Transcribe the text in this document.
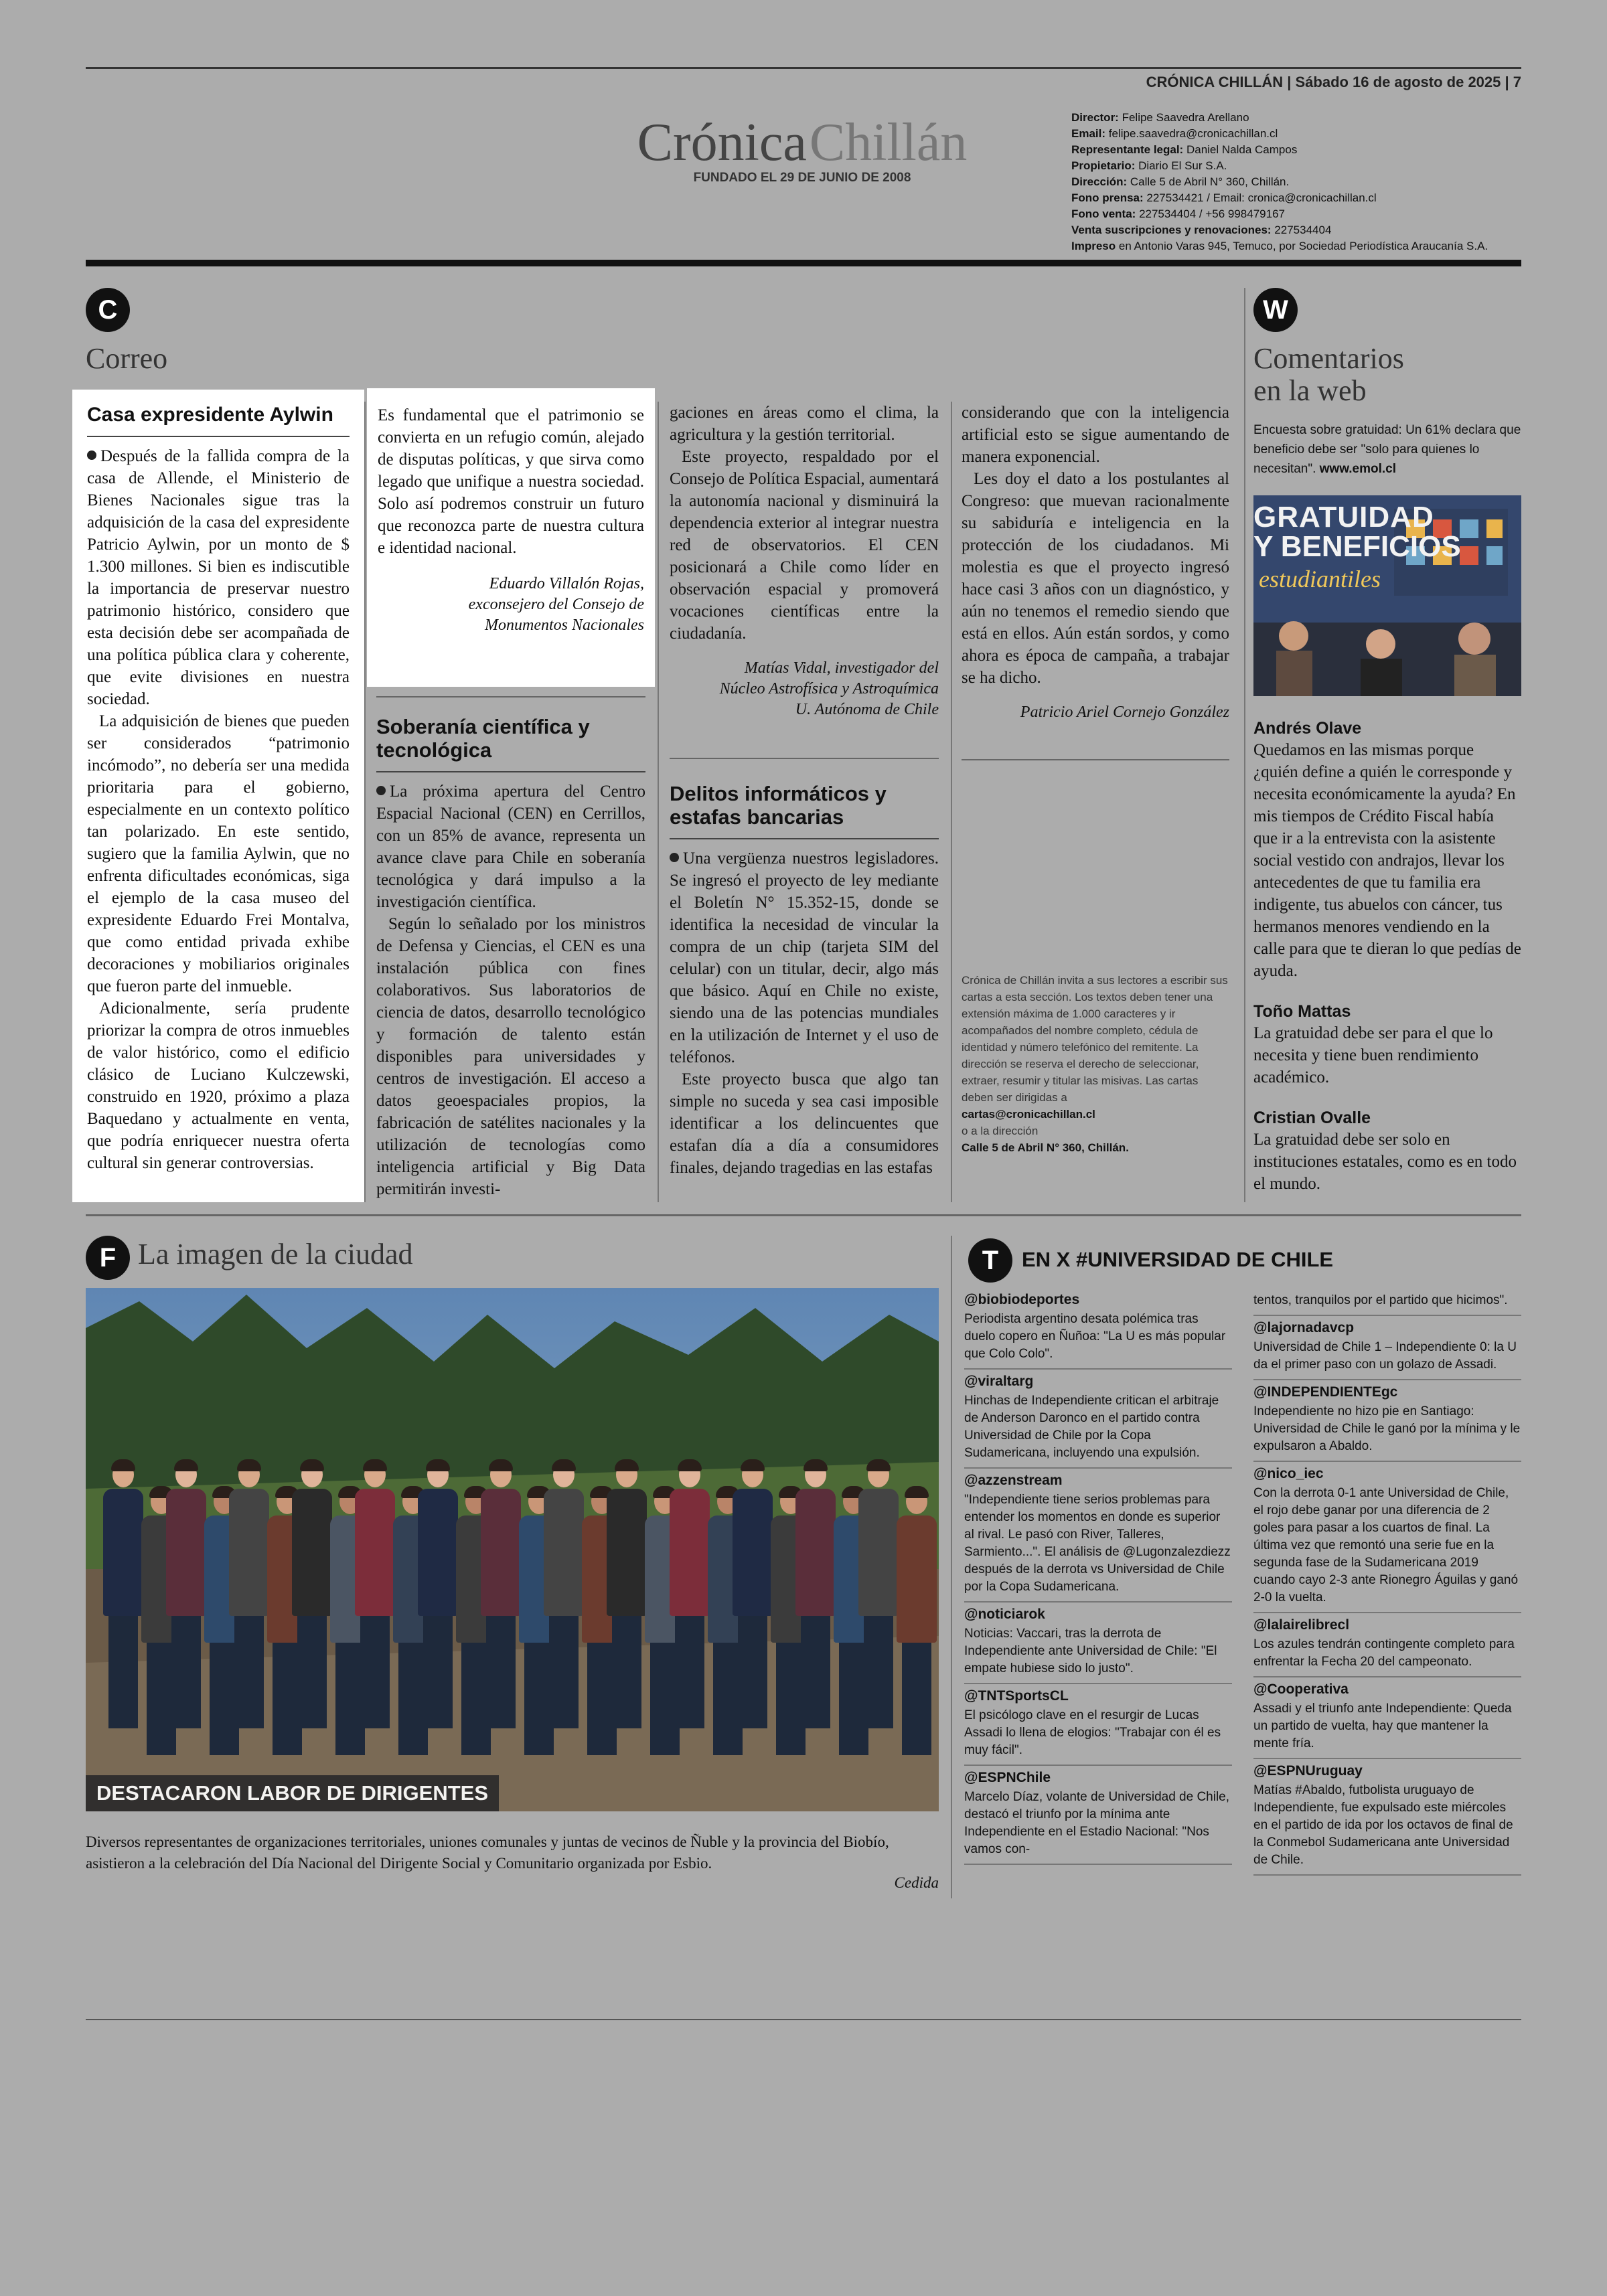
CRÓNICA CHILLÁN | Sábado 16 de agosto de 2025 | 7
Crónica Chillán
FUNDADO EL 29 DE JUNIO DE 2008
Director: Felipe Saavedra Arellano
Email: felipe.saavedra@cronicachillan.cl
Representante legal: Daniel Nalda Campos
Propietario: Diario El Sur S.A.
Dirección: Calle 5 de Abril N° 360, Chillán.
Fono prensa: 227534421 / Email: cronica@cronicachillan.cl
Fono venta: 227534404 / +56 998479167
Venta suscripciones y renovaciones: 227534404
Impreso en Antonio Varas 945, Temuco, por Sociedad Periodística Araucanía S.A.
C
Correo
Casa expresidente Aylwin

Después de la fallida compra de la casa de Allende, el Ministerio de Bienes Nacionales sigue tras la adquisición de la casa del expresidente Patricio Aylwin, por un monto de $ 1.300 millones. Si bien es indiscutible la importancia de preservar nuestro patrimonio histórico, considero que esta decisión debe ser acompañada de una política pública clara y coherente, que evite divisiones en nuestra sociedad.

La adquisición de bienes que pueden ser considerados “patrimonio incómodo”, no debería ser una medida prioritaria para el gobierno, especialmente en un contexto político tan polarizado. En este sentido, sugiero que la familia Aylwin, que no enfrenta dificultades económicas, siga el ejemplo de la casa museo del expresidente Eduardo Frei Montalva, que como entidad privada exhibe decoraciones y mobiliarios originales que fueron parte del inmueble.

Adicionalmente, sería prudente priorizar la compra de otros inmuebles de valor histórico, como el edificio clásico de Luciano Kulczewski, construido en 1920, próximo a plaza Baquedano y actualmente en venta, que podría enriquecer nuestra oferta cultural sin generar controversias.

Es fundamental que el patrimonio se convierta en un refugio común, alejado de disputas políticas, y que sirva como legado que unifique a nuestra sociedad. Solo así podremos construir un futuro que reconozca parte de nuestra cultura e identidad nacional.

Eduardo Villalón Rojas,

exconsejero del Consejo de

Monumentos Nacionales

Soberanía científica y tecnológica

La próxima apertura del Centro Espacial Nacional (CEN) en Cerrillos, con un 85% de avance, representa un avance clave para Chile en soberanía tecnológica y dará impulso a la investigación científica.

Según lo señalado por los ministros de Defensa y Ciencias, el CEN es una instalación pública con fines colaborativos. Sus laboratorios de ciencia de datos, desarrollo tecnológico y formación de talento están disponibles para universidades y centros de investigación. El acceso a datos geoespaciales propios, la fabricación de satélites nacionales y la utilización de tecnologías como inteligencia artificial y Big Data permitirán investi-

gaciones en áreas como el clima, la agricultura y la gestión territorial.

Este proyecto, respaldado por el Consejo de Política Espacial, aumentará la autonomía nacional y disminuirá la dependencia exterior al integrar nuestra red de observatorios. El CEN posicionará a Chile como líder en observación espacial y promoverá vocaciones científicas entre la ciudadanía.

Matías Vidal, investigador del

Núcleo Astrofísica y Astroquímica

U. Autónoma de Chile

Delitos informáticos y estafas bancarias

Una vergüenza nuestros legisladores. Se ingresó el proyecto de ley mediante el Boletín N° 15.352-15, donde se identifica la necesidad de vincular la compra de un chip (tarjeta SIM del celular) con un titular, decir, algo más que básico. Aquí en Chile no existe, siendo una de las potencias mundiales en la utilización de Internet y el uso de teléfonos.

Este proyecto busca que algo tan simple no suceda y sea casi imposible identificar a los delincuentes que estafan día a día a consumidores finales, dejando tragedias en las estafas

considerando que con la inteligencia artificial esto se sigue aumentando de manera exponencial.

Les doy el dato a los postulantes al Congreso: que muevan racionalmente su sabiduría e inteligencia en la protección de los ciudadanos. Mi molestia es que el proyecto ingresó hace casi 3 años con un diagnóstico, y aún no tenemos el remedio siendo que está en ellos. Aún están sordos, y como ahora es época de campaña, a trabajar se ha dicho.

Patricio Ariel Cornejo González

Crónica de Chillán invita a sus lectores a escribir sus cartas a esta sección. Los textos deben tener una extensión máxima de 1.000 caracteres y ir acompañados del nombre completo, cédula de identidad y número telefónico del remitente. La dirección se reserva el derecho de seleccionar, extraer, resumir y titular las misivas. Las cartas deben ser dirigidas a
cartas@cronicachillan.cl
o a la dirección
Calle 5 de Abril N° 360, Chillán.
W
Comentarios
en la web
Encuesta sobre gratuidad: Un 61% declara que beneficio debe ser "solo para quienes lo necesitan". www.emol.cl
GRATUIDAD
Y BENEFICIOS
estudiantiles
Andrés Olave

Quedamos en las mismas porque ¿quién define a quién le corresponde y necesita económicamente la ayuda? En mis tiempos de Crédito Fiscal había que ir a la entrevista con la asistente social vestido con andrajos, llevar los antecedentes de que tu familia era indigente, tus abuelos con cáncer, tus hermanos menores vendiendo en la calle para que te dieran lo que pedías de ayuda.

Toño Mattas

La gratuidad debe ser para el que lo necesita y tiene buen rendimiento académico.

Cristian Ovalle

La gratuidad debe ser solo en instituciones estatales, como es en todo el mundo.

F La imagen de la ciudad
DESTACARON LABOR DE DIRIGENTES
Diversos representantes de organizaciones territoriales, uniones comunales y juntas de vecinos de Ñuble y la provincia del Biobío, asistieron a la celebración del Día Nacional del Dirigente Social y Comunitario organizada por Esbio.
Cedida
T	EN X #UNIVERSIDAD DE CHILE
@biobiodeportes
Periodista argentino desata polémica tras duelo copero en Ñuñoa: "La U es más popular que Colo Colo".
@viraltarg
Hinchas de Independiente critican el arbitraje de Anderson Daronco en el partido contra Universidad de Chile por la Copa Sudamericana, incluyendo una expulsión.
@azzenstream
"Independiente tiene serios problemas para entender los momentos en donde es superior al rival. Le pasó con River, Talleres, Sarmiento...". El análisis de @Lugonzalezdiezz después de la derrota vs Universidad de Chile por la Copa Sudamericana.
@noticiarok
Noticias: Vaccari, tras la derrota de Independiente ante Universidad de Chile: "El empate hubiese sido lo justo".
@TNTSportsCL
El psicólogo clave en el resurgir de Lucas Assadi lo llena de elogios: "Trabajar con él es muy fácil".
@ESPNChile
Marcelo Díaz, volante de Universidad de Chile, destacó el triunfo por la mínima ante Independiente en el Estadio Nacional: "Nos vamos con-
tentos, tranquilos por el partido que hicimos".
@lajornadavcp
Universidad de Chile 1 – Independiente 0: la U da el primer paso con un golazo de Assadi.
@INDEPENDIENTEgc
Independiente no hizo pie en Santiago: Universidad de Chile le ganó por la mínima y le expulsaron a Abaldo.
@nico_iec
Con la derrota 0-1 ante Universidad de Chile, el rojo debe ganar por una diferencia de 2 goles para pasar a los cuartos de final. La última vez que remontó una serie fue en la segunda fase de la Sudamericana 2019 cuando cayo 2-3 ante Rionegro Águilas y ganó 2-0 la vuelta.
@lalairelibrecl
Los azules tendrán contingente completo para enfrentar la Fecha 20 del campeonato.
@Cooperativa
Assadi y el triunfo ante Independiente: Queda un partido de vuelta, hay que mantener la mente fría.
@ESPNUruguay
Matías #Abaldo, futbolista uruguayo de Independiente, fue expulsado este miércoles en el partido de ida por los octavos de final de la Conmebol Sudamericana ante Universidad de Chile.
